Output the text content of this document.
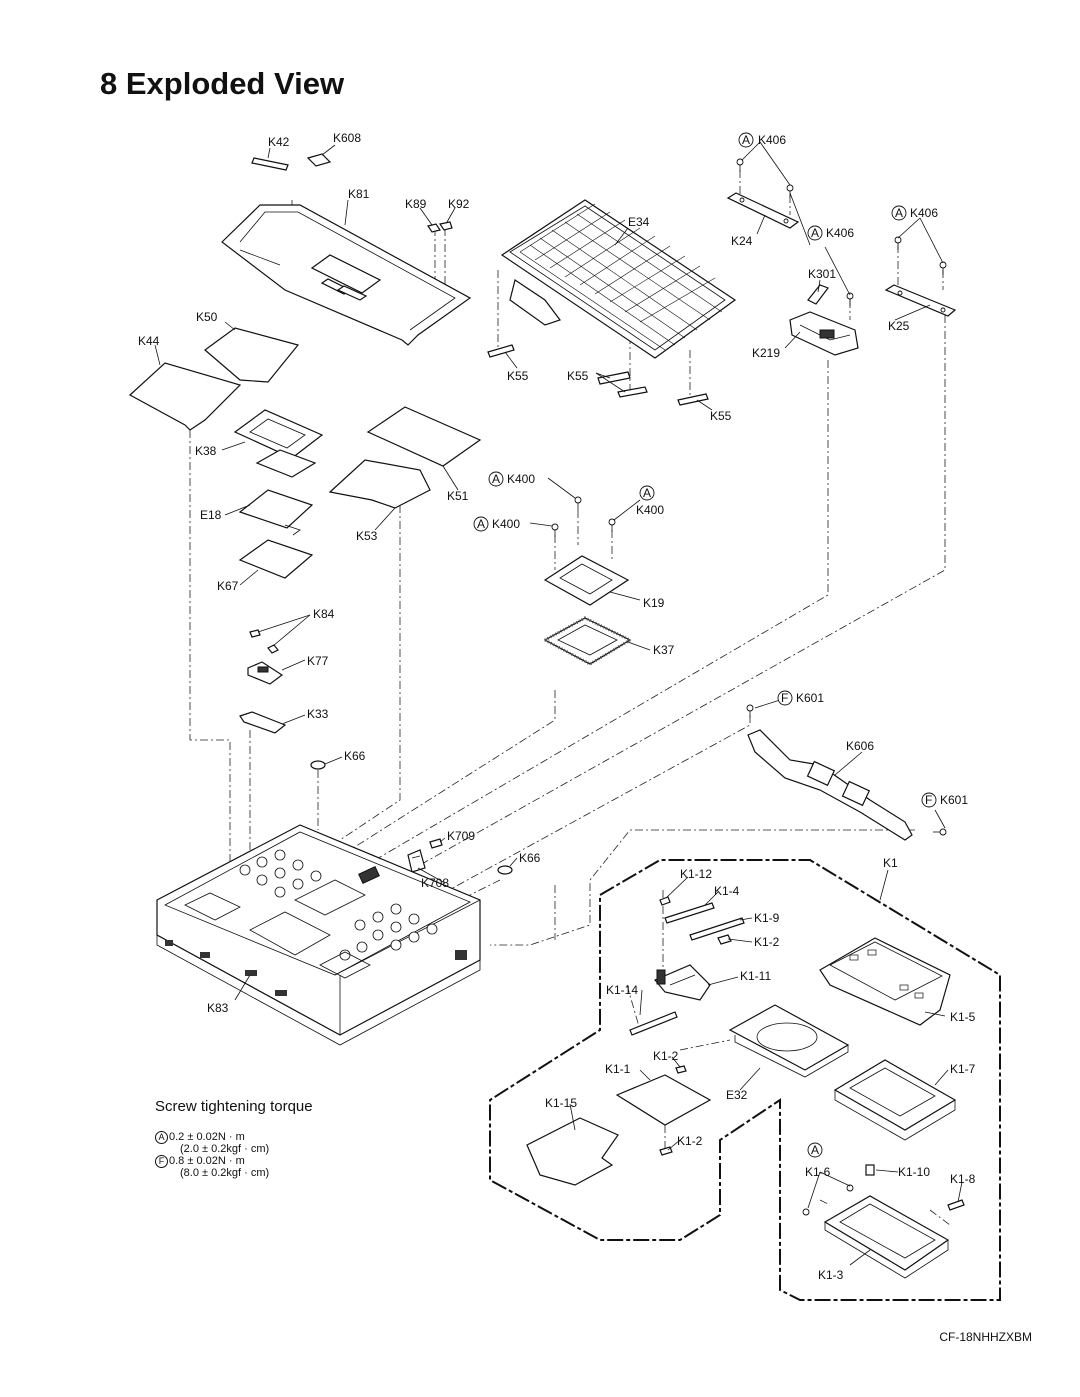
8 Exploded View
A
A
A
A
A
A
F
F
A
K42	K608
K81
K89 K92
E34
K406
K406
K406
K24
K301
K25
K219
K50
K44
K55	K55
K55
K38
K51
K53
E18
K400
K400
K400
K67
K19
K84
K37
K77
K33
K601
K606
K601
K66
K709
K66
K708
K1
K1-12
K1-4
K1-9
K1-2
K1-11
K1-14
K1-5
K1-2
K1-1	K1-7
E32
K1-15
K1-2
K1-6	K1-10 K1-8
K1-3
K83
Screw tightening torque
A 0.2 ± 0.02N · m
(2.0 ± 0.2kgf · cm)
F 0.8 ± 0.02N · m
(8.0 ± 0.2kgf · cm)
CF-18NHHZXBM
